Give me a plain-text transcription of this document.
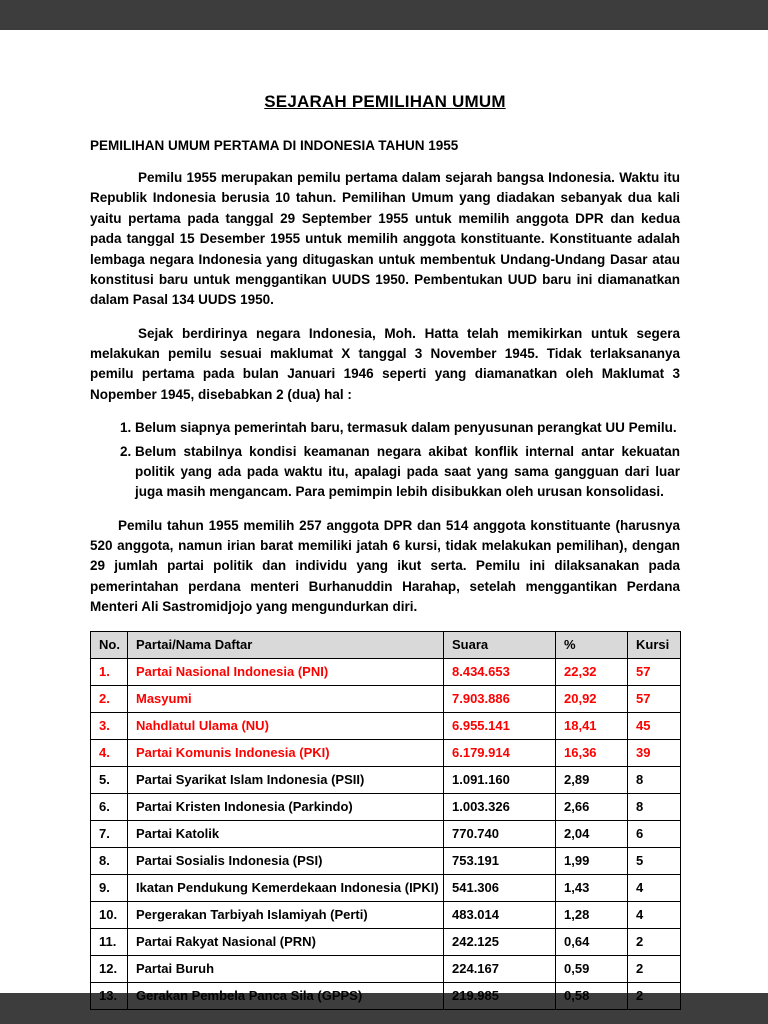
SEJARAH PEMILIHAN UMUM
PEMILIHAN UMUM PERTAMA DI INDONESIA TAHUN 1955

Pemilu 1955 merupakan pemilu pertama dalam sejarah bangsa Indonesia. Waktu itu Republik Indonesia berusia 10 tahun. Pemilihan Umum yang diadakan sebanyak dua kali yaitu pertama pada tanggal 29 September 1955 untuk memilih anggota DPR dan kedua pada tanggal 15 Desember 1955 untuk memilih anggota konstituante. Konstituante adalah lembaga negara Indonesia yang ditugaskan untuk membentuk Undang-Undang Dasar atau konstitusi baru untuk menggantikan UUDS 1950. Pembentukan UUD baru ini diamanatkan dalam Pasal 134 UUDS 1950.

Sejak berdirinya negara Indonesia, Moh. Hatta telah memikirkan untuk segera melakukan pemilu sesuai maklumat X tanggal 3 November 1945. Tidak terlaksananya pemilu pertama pada bulan Januari 1946 seperti yang diamanatkan oleh Maklumat 3 Nopember 1945, disebabkan 2 (dua) hal :

1. Belum siapnya pemerintah baru, termasuk dalam penyusunan perangkat UU Pemilu.
2. Belum stabilnya kondisi keamanan negara akibat konflik internal antar kekuatan politik yang ada pada waktu itu, apalagi pada saat yang sama gangguan dari luar juga masih mengancam. Para pemimpin lebih disibukkan oleh urusan konsolidasi.

Pemilu tahun 1955 memilih 257 anggota DPR dan 514 anggota konstituante (harusnya 520 anggota, namun irian barat memiliki jatah 6 kursi, tidak melakukan pemilihan), dengan 29 jumlah partai politik dan individu yang ikut serta. Pemilu ini dilaksanakan pada pemerintahan perdana menteri Burhanuddin Harahap, setelah menggantikan Perdana Menteri Ali Sastromidjojo yang mengundurkan diri.

No.	Partai/Nama Daftar	Suara	%	Kursi
1.	Partai Nasional Indonesia (PNI)	8.434.653	22,32	57
2.	Masyumi	7.903.886	20,92	57
3.	Nahdlatul Ulama (NU)	6.955.141	18,41	45
4.	Partai Komunis Indonesia (PKI)	6.179.914	16,36	39
5.	Partai Syarikat Islam Indonesia (PSII)	1.091.160	2,89	8
6.	Partai Kristen Indonesia (Parkindo)	1.003.326	2,66	8
7.	Partai Katolik	770.740	2,04	6
8.	Partai Sosialis Indonesia (PSI)	753.191	1,99	5
9.	Ikatan Pendukung Kemerdekaan Indonesia (IPKI)	541.306	1,43	4
10.	Pergerakan Tarbiyah Islamiyah (Perti)	483.014	1,28	4
11.	Partai Rakyat Nasional (PRN)	242.125	0,64	2
12.	Partai Buruh	224.167	0,59	2
13.	Gerakan Pembela Panca Sila (GPPS)	219.985	0,58	2
